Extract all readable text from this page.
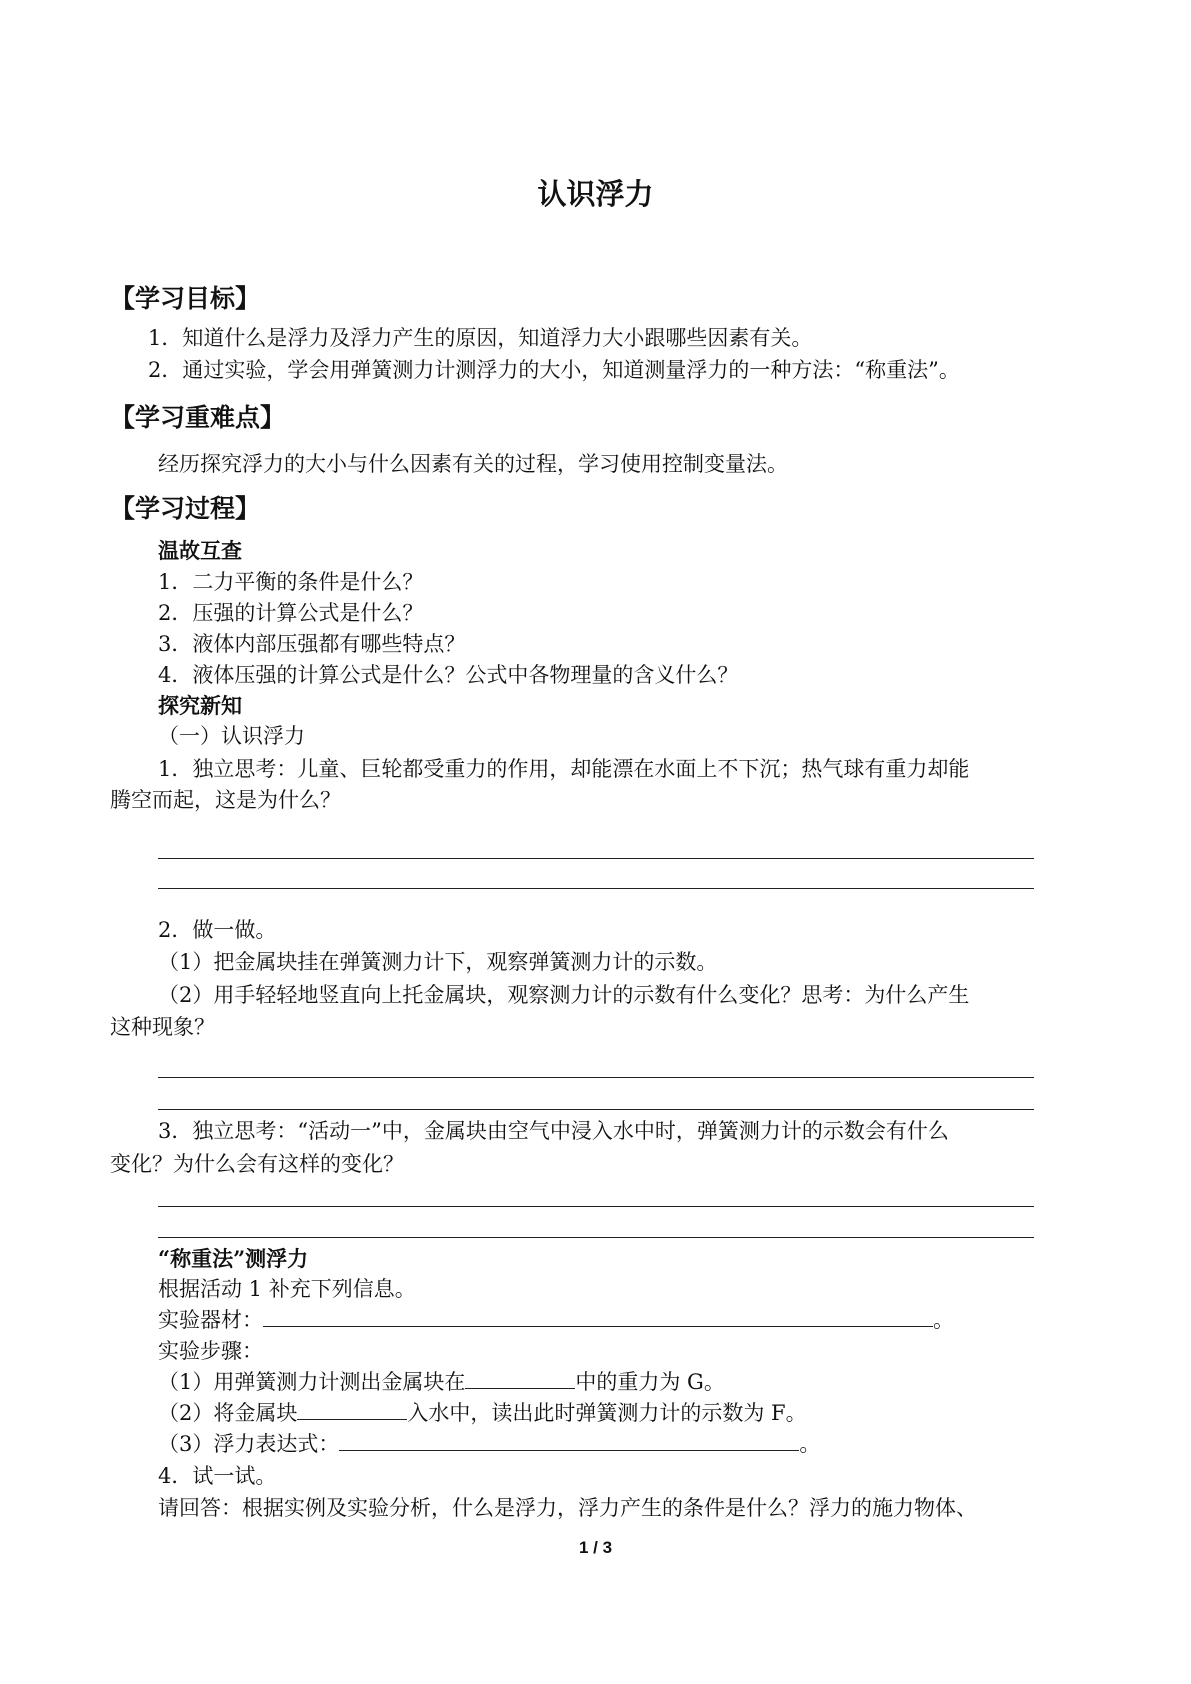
认识浮力
【学习目标】
1．知道什么是浮力及浮力产生的原因，知道浮力大小跟哪些因素有关。
2．通过实验，学会用弹簧测力计测浮力的大小，知道测量浮力的一种方法：“称重法”。
【学习重难点】
经历探究浮力的大小与什么因素有关的过程，学习使用控制变量法。
【学习过程】
温故互查
1．二力平衡的条件是什么？
2．压强的计算公式是什么？
3．液体内部压强都有哪些特点？
4．液体压强的计算公式是什么？公式中各物理量的含义什么？
探究新知
（一）认识浮力
1．独立思考：儿童、巨轮都受重力的作用，却能漂在水面上不下沉；热气球有重力却能
腾空而起，这是为什么？
2．做一做。
（1）把金属块挂在弹簧测力计下，观察弹簧测力计的示数。
（2）用手轻轻地竖直向上托金属块，观察测力计的示数有什么变化？思考：为什么产生
这种现象？
3．独立思考：“活动一”中，金属块由空气中浸入水中时，弹簧测力计的示数会有什么
变化？为什么会有这样的变化？
“称重法”测浮力
根据活动 1 补充下列信息。
实验器材：	。
实验步骤：
（1）用弹簧测力计测出金属块在	中的重力为 G。
（2）将金属块	入水中，读出此时弹簧测力计的示数为 F。
（3）浮力表达式：	。
4．试一试。
请回答：根据实例及实验分析，什么是浮力，浮力产生的条件是什么？浮力的施力物体、
1 / 3
